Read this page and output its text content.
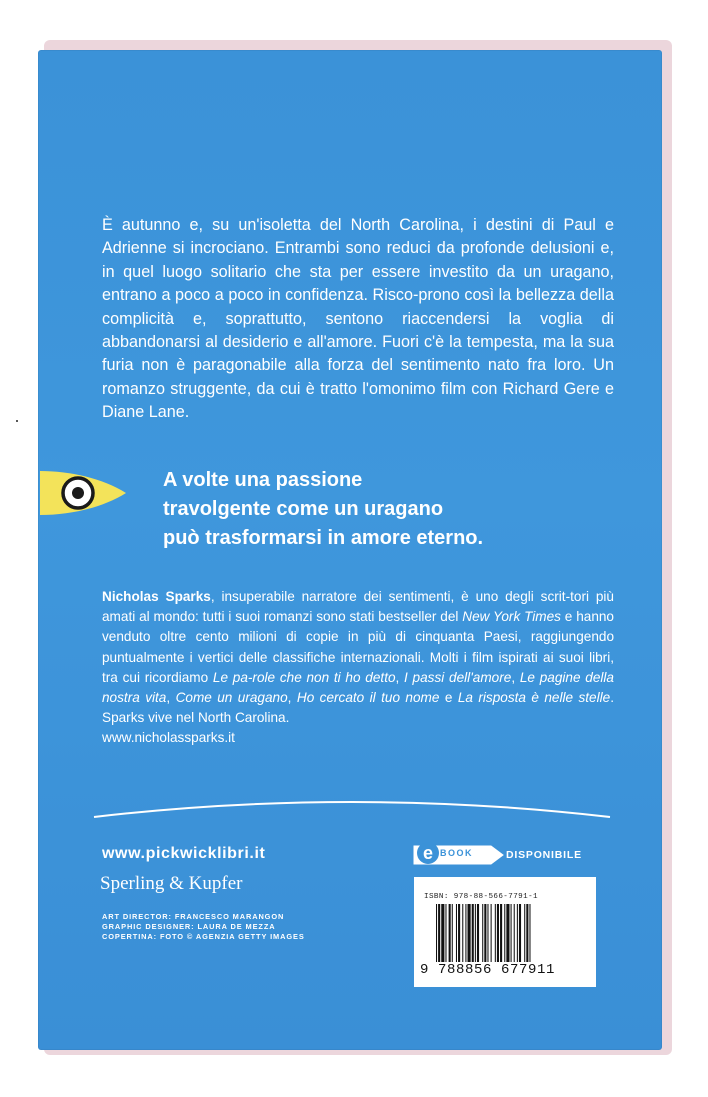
È autunno e, su un'isoletta del North Carolina, i destini di Paul e Adrienne si incrociano. Entrambi sono reduci da profonde delusioni e, in quel luogo solitario che sta per essere investito da un uragano, entrano a poco a poco in confidenza. Risco-prono così la bellezza della complicità e, soprattutto, sentono riaccendersi la voglia di abbandonarsi al desiderio e all'amore. Fuori c'è la tempesta, ma la sua furia non è paragonabile alla forza del sentimento nato fra loro. Un romanzo struggente, da cui è tratto l'omonimo film con Richard Gere e Diane Lane.

A volte una passione
travolgente come un uragano
può trasformarsi in amore eterno.

Nicholas Sparks, insuperabile narratore dei sentimenti, è uno degli scrit-tori più amati al mondo: tutti i suoi romanzi sono stati bestseller del New York Times e hanno venduto oltre cento milioni di copie in più di cinquanta Paesi, raggiungendo puntualmente i vertici delle classifiche internazionali. Molti i film ispirati ai suoi libri, tra cui ricordiamo Le pa-role che non ti ho detto, I passi dell'amore, Le pagine della nostra vita, Come un uragano, Ho cercato il tuo nome e La risposta è nelle stelle. Sparks vive nel North Carolina.
www.nicholassparks.it

www.pickwicklibri.it
Sperling & Kupfer
ART DIRECTOR: FRANCESCO MARANGON
GRAPHIC DESIGNER: LAURA DE MEZZA
COPERTINA: FOTO © AGENZIA GETTY IMAGES
e BOOK	DISPONIBILE
ISBN: 978-88-566-7791-1
9 788856 677911
